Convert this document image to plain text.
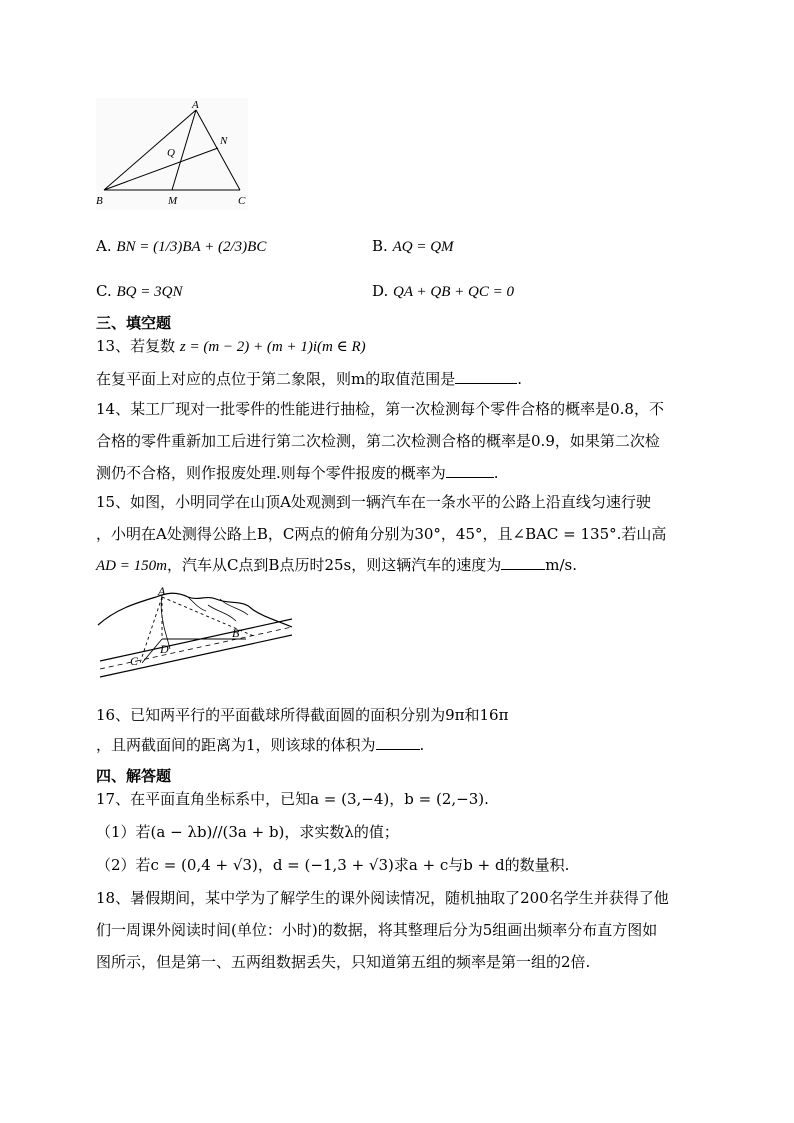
A
B	C
M
N
Q
A. BN = (1/3)BA + (2/3)BC	B. AQ = QM
C. BQ = 3QN	D. QA + QB + QC = 0
三、填空题
13、若复数 z = (m − 2) + (m + 1)i(m ∈ R)
在复平面上对应的点位于第二象限，则m的取值范围是	.
14、某工厂现对一批零件的性能进行抽检，第一次检测每个零件合格的概率是0.8，不
合格的零件重新加工后进行第二次检测，第二次检测合格的概率是0.9，如果第二次检
测仍不合格，则作报废处理.则每个零件报废的概率为	.
15、如图，小明同学在山顶A处观测到一辆汽车在一条水平的公路上沿直线匀速行驶
，小明在A处测得公路上B，C两点的俯角分别为30°，45°，且∠BAC = 135°.若山高
AD = 150m，汽车从C点到B点历时25s，则这辆汽车的速度为	m/s.
A
B
C
D
16、已知两平行的平面截球所得截面圆的面积分别为9π和16π
，且两截面间的距离为1，则该球的体积为	.
四、解答题
17、在平面直角坐标系中，已知a = (3,−4)，b = (2,−3).
（1）若(a − λb)//(3a + b)，求实数λ的值；
（2）若c = (0,4 + √3)，d = (−1,3 + √3)求a + c与b + d的数量积.
18、暑假期间，某中学为了解学生的课外阅读情况，随机抽取了200名学生并获得了他
们一周课外阅读时间(单位：小时)的数据，将其整理后分为5组画出频率分布直方图如
图所示，但是第一、五两组数据丢失，只知道第五组的频率是第一组的2倍.
